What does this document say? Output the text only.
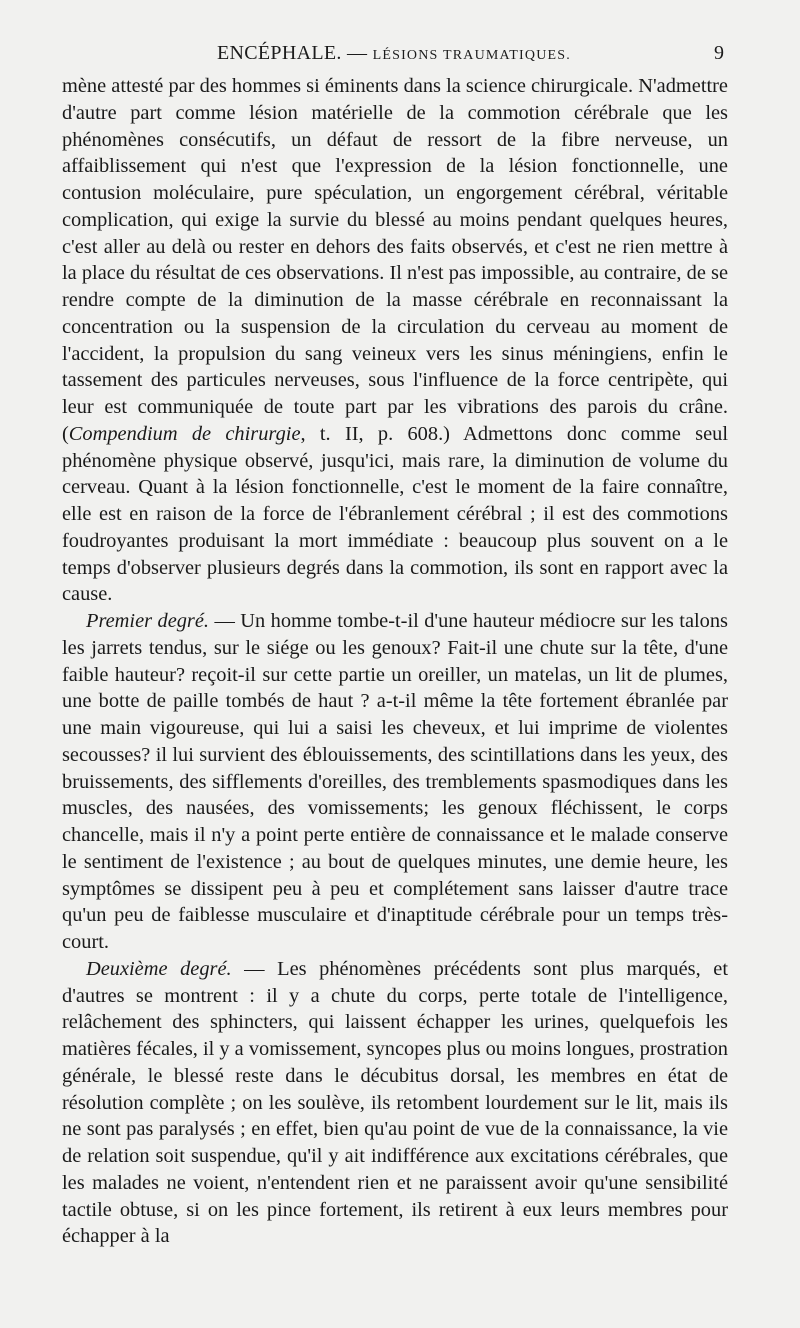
ENCÉPHALE. — LÉSIONS TRAUMATIQUES.	9

mène attesté par des hommes si éminents dans la science chirurgicale. N'admettre d'autre part comme lésion matérielle de la commotion cérébrale que les phénomènes consécutifs, un défaut de ressort de la fibre nerveuse, un affaiblissement qui n'est que l'expression de la lésion fonctionnelle, une contusion moléculaire, pure spéculation, un engorgement cérébral, véritable complication, qui exige la survie du blessé au moins pendant quelques heures, c'est aller au delà ou rester en dehors des faits observés, et c'est ne rien mettre à la place du résultat de ces observations. Il n'est pas impossible, au contraire, de se rendre compte de la diminution de la masse cérébrale en reconnaissant la concentration ou la suspension de la circulation du cerveau au moment de l'accident, la propulsion du sang veineux vers les sinus méningiens, enfin le tassement des particules nerveuses, sous l'influence de la force centripète, qui leur est communiquée de toute part par les vibrations des parois du crâne. (Compendium de chirurgie, t. II, p. 608.) Admettons donc comme seul phénomène physique observé, jusqu'ici, mais rare, la diminution de volume du cerveau. Quant à la lésion fonctionnelle, c'est le moment de la faire connaître, elle est en raison de la force de l'ébranlement cérébral ; il est des commotions foudroyantes produisant la mort immédiate : beaucoup plus souvent on a le temps d'observer plusieurs degrés dans la commotion, ils sont en rapport avec la cause.

Premier degré. — Un homme tombe-t-il d'une hauteur médiocre sur les talons les jarrets tendus, sur le siége ou les genoux? Fait-il une chute sur la tête, d'une faible hauteur? reçoit-il sur cette partie un oreiller, un matelas, un lit de plumes, une botte de paille tombés de haut ? a-t-il même la tête fortement ébranlée par une main vigoureuse, qui lui a saisi les cheveux, et lui imprime de violentes secousses? il lui survient des éblouissements, des scintillations dans les yeux, des bruissements, des sifflements d'oreilles, des tremblements spasmodiques dans les muscles, des nausées, des vomissements; les genoux fléchissent, le corps chancelle, mais il n'y a point perte entière de connaissance et le malade conserve le sentiment de l'existence ; au bout de quelques minutes, une demie heure, les symptômes se dissipent peu à peu et complétement sans laisser d'autre trace qu'un peu de faiblesse musculaire et d'inaptitude cérébrale pour un temps très-court.

Deuxième degré. — Les phénomènes précédents sont plus marqués, et d'autres se montrent : il y a chute du corps, perte totale de l'intelligence, relâchement des sphincters, qui laissent échapper les urines, quelquefois les matières fécales, il y a vomissement, syncopes plus ou moins longues, prostration générale, le blessé reste dans le décubitus dorsal, les membres en état de résolution complète ; on les soulève, ils retombent lourdement sur le lit, mais ils ne sont pas paralysés ; en effet, bien qu'au point de vue de la connaissance, la vie de relation soit suspendue, qu'il y ait indifférence aux excitations cérébrales, que les malades ne voient, n'entendent rien et ne paraissent avoir qu'une sensibilité tactile obtuse, si on les pince fortement, ils retirent à eux leurs membres pour échapper à la
